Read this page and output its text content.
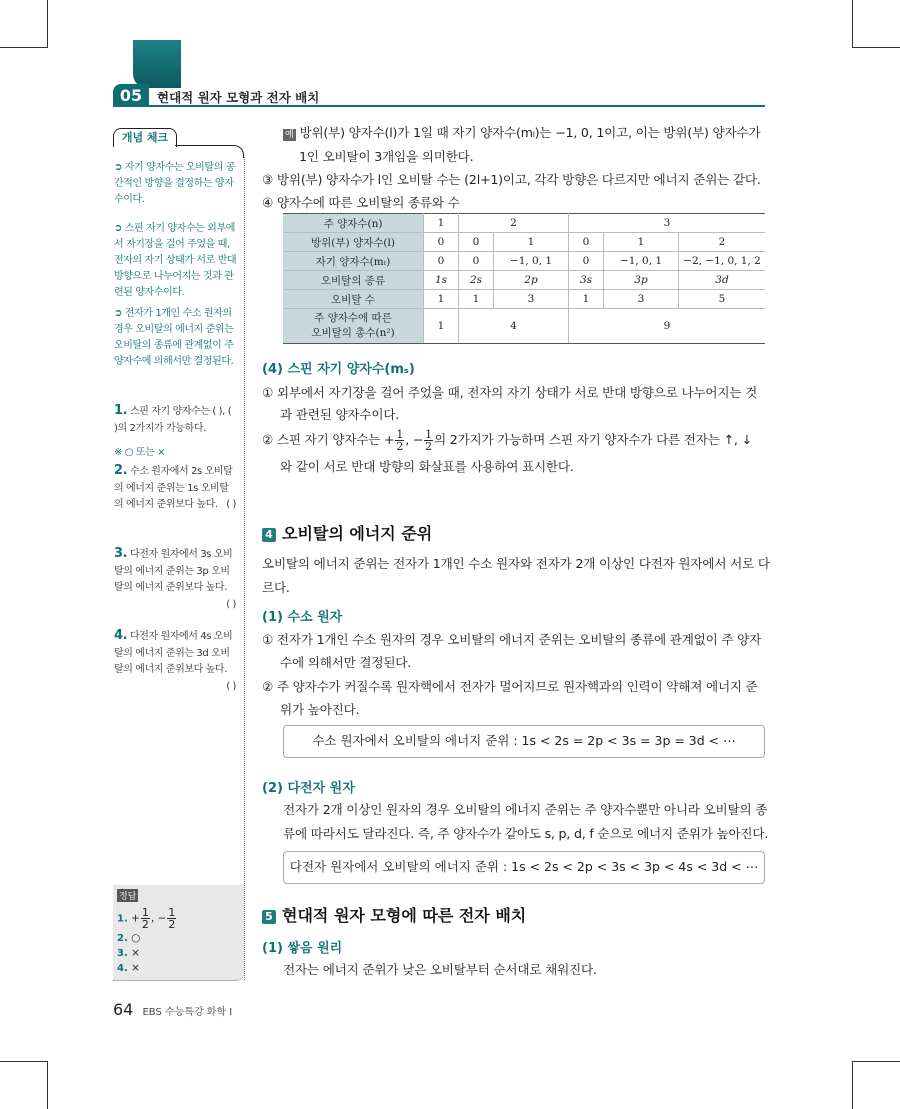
05	현대적 원자 모형과 전자 배치
개념 체크
➲ 자기 양자수는 오비탈의 공간적인 방향을 결정하는 양자수이다.
➲ 스핀 자기 양자수는 외부에서 자기장을 걸어 주었을 때, 전자의 자기 상태가 서로 반대 방향으로 나누어지는 것과 관련된 양자수이다.
➲ 전자가 1개인 수소 원자의 경우 오비탈의 에너지 준위는 오비탈의 종류에 관계없이 주 양자수에 의해서만 결정된다.
1. 스핀 자기 양자수는 ( ), ( )의 2가지가 가능하다.
※ ○ 또는 ×
2. 수소 원자에서 2s 오비탈의 에너지 준위는 1s 오비탈의 에너지 준위보다 높다. ( )
3. 다전자 원자에서 3s 오비탈의 에너지 준위는 3p 오비탈의 에너지 준위보다 높다.
( )
4. 다전자 원자에서 4s 오비탈의 에너지 준위는 3d 오비탈의 에너지 준위보다 높다.
( )
정답
1. + $\frac{1}{2}$ , − $\frac{1}{2}$
2. ○
3. ×
4. ×
예 방위(부) 양자수(l)가 1일 때 자기 양자수(mₗ)는 −1, 0, 1이고, 이는 방위(부) 양자수가
1인 오비탈이 3개임을 의미한다.
③ 방위(부) 양자수가 l인 오비탈 수는 (2l+1)이고, 각각 방향은 다르지만 에너지 준위는 같다.
④ 양자수에 따른 오비탈의 종류와 수
주 양자수(n)	1	2		3		
방위(부) 양자수(l)	0	0	1	0	1	2
자기 양자수(mₗ)	0	0	−1, 0, 1	0	−1, 0, 1	−2, −1, 0, 1, 2
오비탈의 종류	1s	2s	2p	3s	3p	3d
오비탈 수	1	1	3	1	3	5
주 양자수에 따른
오비탈의 총수(n²)	1	4		9		
(4) 스핀 자기 양자수(mₛ)
① 외부에서 자기장을 걸어 주었을 때, 전자의 자기 상태가 서로 반대 방향으로 나누어지는 것
과 관련된 양자수이다.
② 스핀 자기 양자수는 + $\frac{1}{2}$ , − $\frac{1}{2}$ 의 2가지가 가능하며 스핀 자기 양자수가 다른 전자는 ↑, ↓
와 같이 서로 반대 방향의 화살표를 사용하여 표시한다.
4 오비탈의 에너지 준위
오비탈의 에너지 준위는 전자가 1개인 수소 원자와 전자가 2개 이상인 다전자 원자에서 서로 다
르다.
(1) 수소 원자
① 전자가 1개인 수소 원자의 경우 오비탈의 에너지 준위는 오비탈의 종류에 관계없이 주 양자
수에 의해서만 결정된다.
② 주 양자수가 커질수록 원자핵에서 전자가 멀어지므로 원자핵과의 인력이 약해져 에너지 준
위가 높아진다.
수소 원자에서 오비탈의 에너지 준위 : 1s < 2s = 2p < 3s = 3p = 3d < ⋯
(2) 다전자 원자
전자가 2개 이상인 원자의 경우 오비탈의 에너지 준위는 주 양자수뿐만 아니라 오비탈의 종
류에 따라서도 달라진다. 즉, 주 양자수가 같아도 s, p, d, f 순으로 에너지 준위가 높아진다.
다전자 원자에서 오비탈의 에너지 준위 : 1s < 2s < 2p < 3s < 3p < 4s < 3d < ⋯
5 현대적 원자 모형에 따른 전자 배치
(1) 쌓음 원리
전자는 에너지 준위가 낮은 오비탈부터 순서대로 채워진다.
64 EBS 수능특강 화학 Ⅰ
